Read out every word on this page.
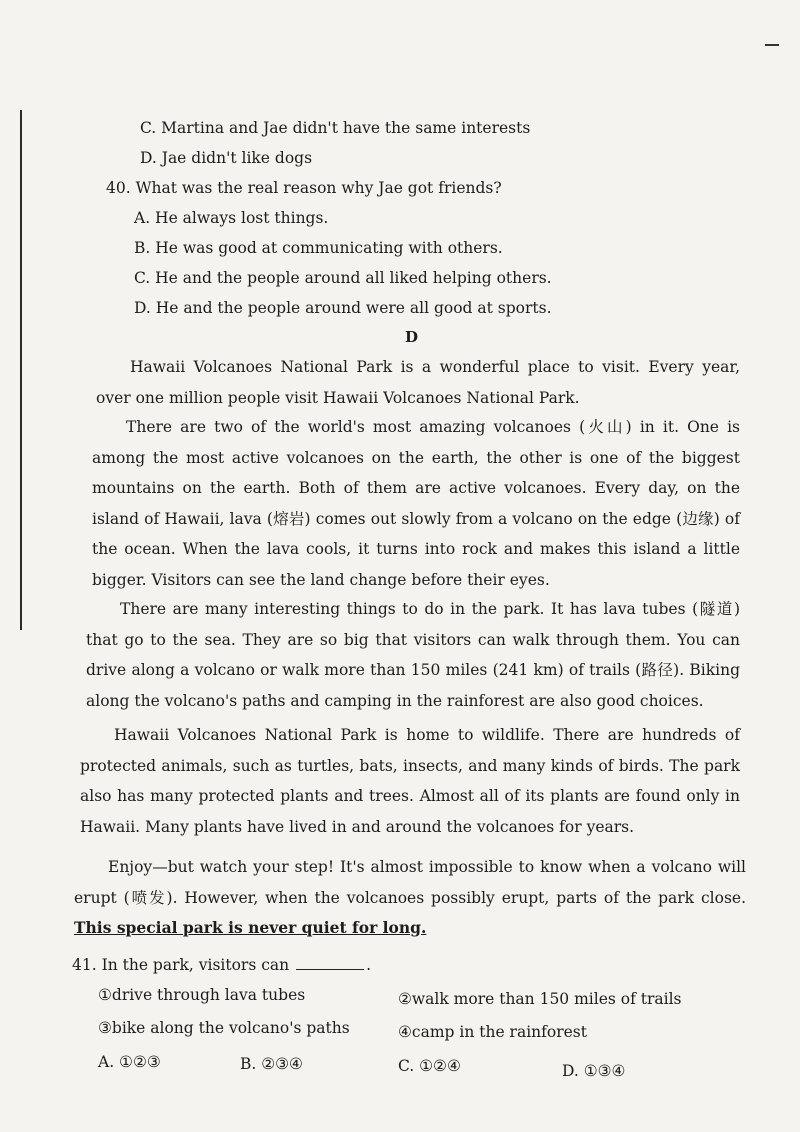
C. Martina and Jae didn't have the same interests
D. Jae didn't like dogs
40. What was the real reason why Jae got friends?
A. He always lost things.
B. He was good at communicating with others.
C. He and the people around all liked helping others.
D. He and the people around were all good at sports.
D
Hawaii Volcanoes National Park is a wonderful place to visit. Every year, over one million people visit Hawaii Volcanoes National Park.
There are two of the world's most amazing volcanoes (火山) in it. One is among the most active volcanoes on the earth, the other is one of the biggest mountains on the earth. Both of them are active volcanoes. Every day, on the island of Hawaii, lava (熔岩) comes out slowly from a volcano on the edge (边缘) of the ocean. When the lava cools, it turns into rock and makes this island a little bigger. Visitors can see the land change before their eyes.
There are many interesting things to do in the park. It has lava tubes (隧道) that go to the sea. They are so big that visitors can walk through them. You can drive along a volcano or walk more than 150 miles (241 km) of trails (路径). Biking along the volcano's paths and camping in the rainforest are also good choices.
Hawaii Volcanoes National Park is home to wildlife. There are hundreds of protected animals, such as turtles, bats, insects, and many kinds of birds. The park also has many protected plants and trees. Almost all of its plants are found only in Hawaii. Many plants have lived in and around the volcanoes for years.
Enjoy—but watch your step! It's almost impossible to know when a volcano will erupt (喷发). However, when the volcanoes possibly erupt, parts of the park close. This special park is never quiet for long.
41. In the park, visitors can	.
①drive through lava tubes	②walk more than 150 miles of trails
③bike along the volcano's paths	④camp in the rainforest
A. ①②③	B. ②③④	C. ①②④	D. ①③④
